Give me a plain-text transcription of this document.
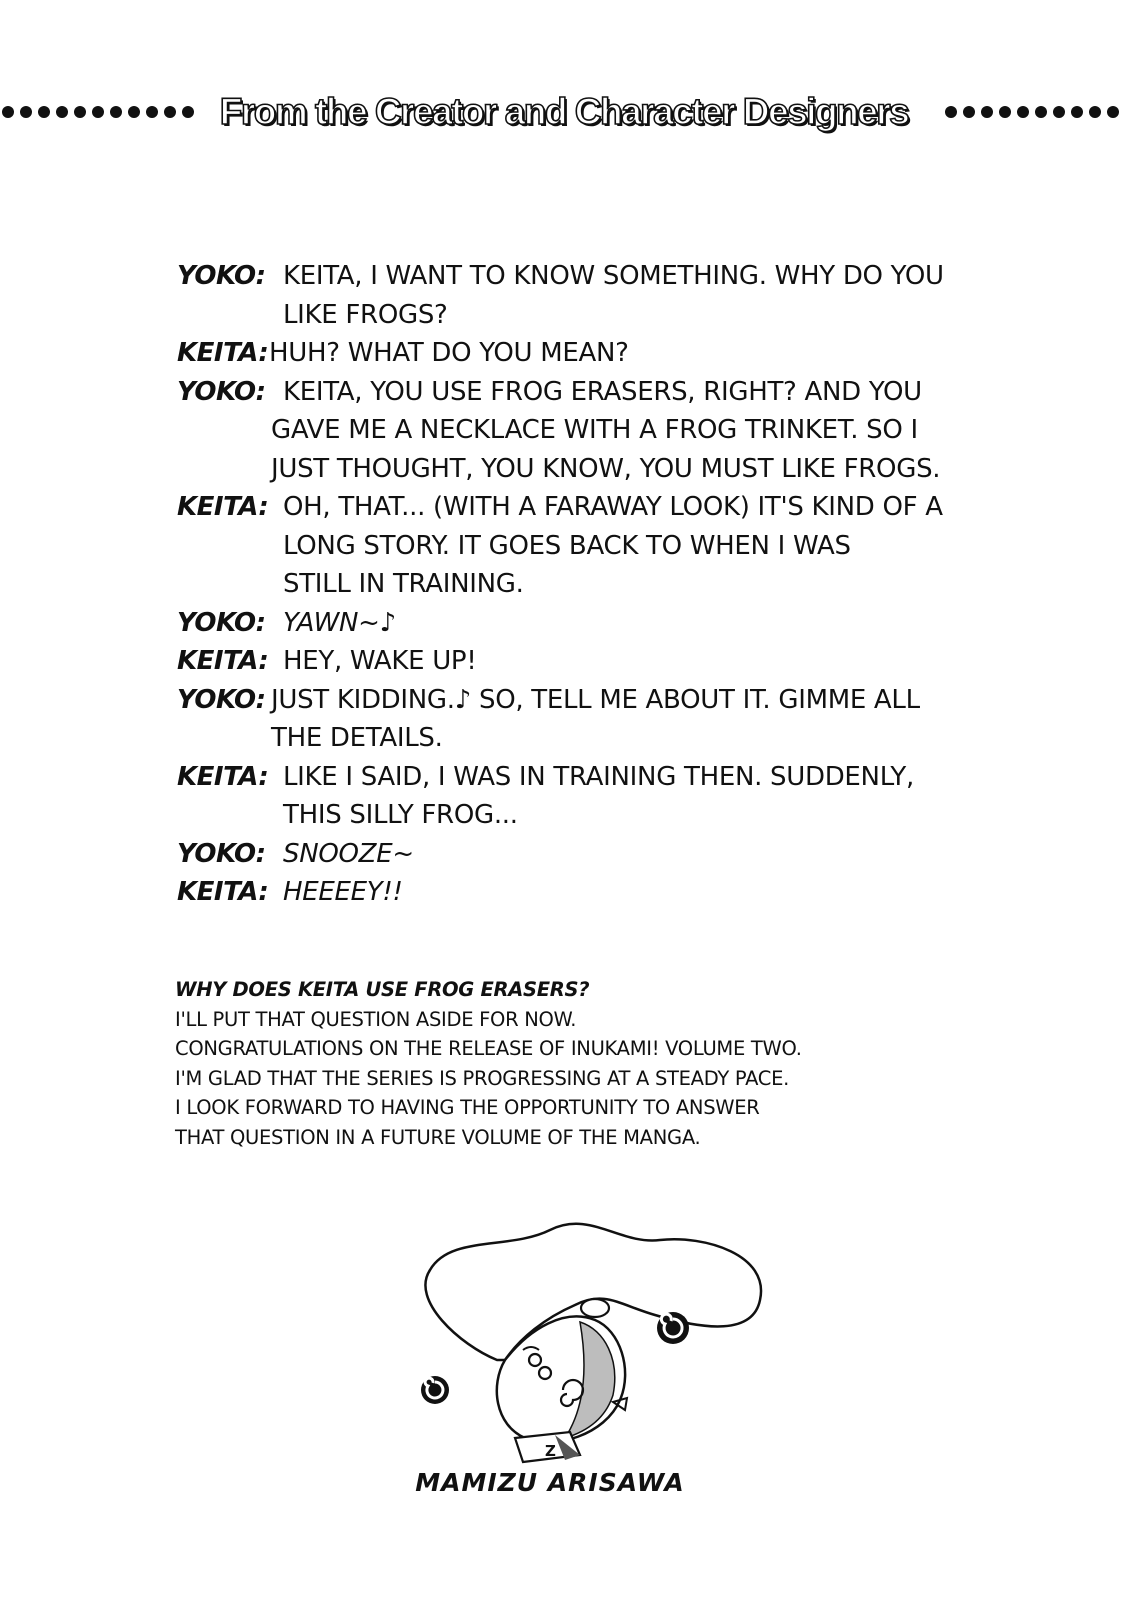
From the Creator and Character Designers
YOKO: KEITA, I WANT TO KNOW SOMETHING. WHY DO YOU
LIKE FROGS?
KEITA: HUH? WHAT DO YOU MEAN?
YOKO: KEITA, YOU USE FROG ERASERS, RIGHT? AND YOU
GAVE ME A NECKLACE WITH A FROG TRINKET. SO I
JUST THOUGHT, YOU KNOW, YOU MUST LIKE FROGS.
KEITA: OH, THAT... (WITH A FARAWAY LOOK) IT'S KIND OF A
LONG STORY. IT GOES BACK TO WHEN I WAS
STILL IN TRAINING.
YOKO: YAWN~♪
KEITA: HEY, WAKE UP!
YOKO: JUST KIDDING.♪ SO, TELL ME ABOUT IT. GIMME ALL
THE DETAILS.
KEITA: LIKE I SAID, I WAS IN TRAINING THEN. SUDDENLY,
THIS SILLY FROG...
YOKO: SNOOZE~
KEITA: HEEEEY!!
WHY DOES KEITA USE FROG ERASERS?
I'LL PUT THAT QUESTION ASIDE FOR NOW.
CONGRATULATIONS ON THE RELEASE OF INUKAMI! VOLUME TWO.
I'M GLAD THAT THE SERIES IS PROGRESSING AT A STEADY PACE.
I LOOK FORWARD TO HAVING THE OPPORTUNITY TO ANSWER
THAT QUESTION IN A FUTURE VOLUME OF THE MANGA.
Z
MAMIZU ARISAWA
